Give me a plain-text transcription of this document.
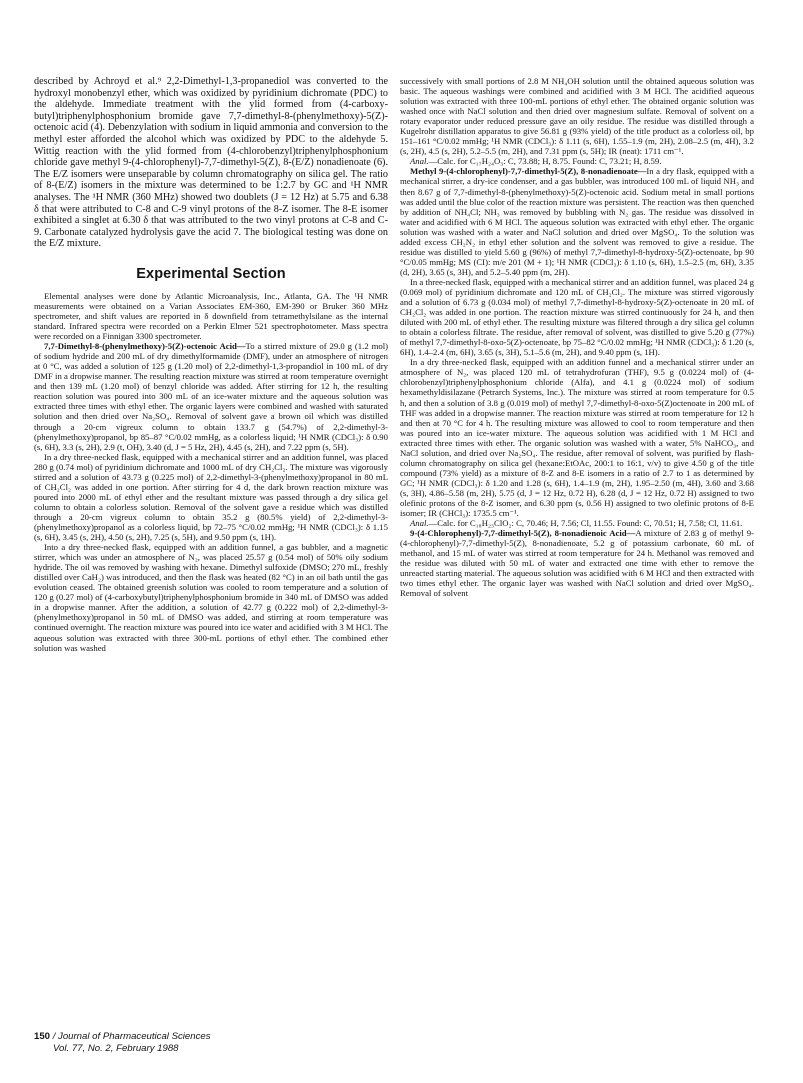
described by Achroyd et al.⁹ 2,2-Dimethyl-1,3-propanediol was converted to the hydroxyl monobenzyl ether, which was oxidized by pyridinium dichromate (PDC) to the aldehyde. Immediate treatment with the ylid formed from (4-carboxy-butyl)triphenylphosphonium bromide gave 7,7-dimethyl-8-(phenylmethoxy)-5(Z)-octenoic acid (4). Debenzylation with sodium in liquid ammonia and conversion to the methyl ester afforded the alcohol which was oxidized by PDC to the aldehyde 5. Wittig reaction with the ylid formed from (4-chlorobenzyl)triphenylphosphonium chloride gave methyl 9-(4-chlorophenyl)-7,7-dimethyl-5(Z), 8-(E/Z) nonadienoate (6). The E/Z isomers were unseparable by column chromatography on silica gel. The ratio of 8-(E/Z) isomers in the mixture was determined to be 1:2.7 by GC and ¹H NMR analyses. The ¹H NMR (360 MHz) showed two doublets (J = 12 Hz) at 5.75 and 6.38 δ that were attributed to C-8 and C-9 vinyl protons of the 8-Z isomer. The 8-E isomer exhibited a singlet at 6.30 δ that was attributed to the two vinyl protons at C-8 and C-9. Carbonate catalyzed hydrolysis gave the acid 7. The biological testing was done on the E/Z mixture.

Experimental Section

Elemental analyses were done by Atlantic Microanalysis, Inc., Atlanta, GA. The ¹H NMR measurements were obtained on a Varian Associates EM-360, EM-390 or Bruker 360 MHz spectrometer, and shift values are reported in δ downfield from tetramethylsilane as the internal standard. Infrared spectra were recorded on a Perkin Elmer 521 spectrophotometer. Mass spectra were recorded on a Finnigan 3300 spectrometer.

7,7-Dimethyl-8-(phenylmethoxy)-5(Z)-octenoic Acid—To a stirred mixture of 29.0 g (1.2 mol) of sodium hydride and 200 mL of dry dimethylformamide (DMF), under an atmosphere of nitrogen at 0 °C, was added a solution of 125 g (1.20 mol) of 2,2-dimethyl-1,3-propandiol in 100 mL of dry DMF in a dropwise manner. The resulting reaction mixture was stirred at room temperature overnight and then 139 mL (1.20 mol) of benzyl chloride was added. After stirring for 12 h, the resulting reaction solution was poured into 300 mL of an ice-water mixture and the aqueous solution was extracted three times with ethyl ether. The organic layers were combined and washed with saturated solution and then dried over Na₂SO₄. Removal of solvent gave a brown oil which was distilled through a 20-cm vigreux column to obtain 133.7 g (54.7%) of 2,2-dimethyl-3-(phenylmethoxy)propanol, bp 85–87 °C/0.02 mmHg, as a colorless liquid; ¹H NMR (CDCl₃): δ 0.90 (s, 6H), 3.3 (s, 2H), 2.9 (t, OH), 3.40 (d, J = 5 Hz, 2H), 4.45 (s, 2H), and 7.22 ppm (s, 5H).

In a dry three-necked flask, equipped with a mechanical stirrer and an addition funnel, was placed 280 g (0.74 mol) of pyridinium dichromate and 1000 mL of dry CH₂Cl₂. The mixture was vigorously stirred and a solution of 43.73 g (0.225 mol) of 2,2-dimethyl-3-(phenylmethoxy)propanol in 80 mL of CH₂Cl₂ was added in one portion. After stirring for 4 d, the dark brown reaction mixture was poured into 2000 mL of ethyl ether and the resultant mixture was passed through a dry silica gel column to obtain a colorless solution. Removal of the solvent gave a residue which was distilled through a 20-cm vigreux column to obtain 35.2 g (80.5% yield) of 2,2-dimethyl-3-(phenylmethoxy)propanol as a colorless liquid, bp 72–75 °C/0.02 mmHg; ¹H NMR (CDCl₃): δ 1.15 (s, 6H), 3.45 (s, 2H), 4.50 (s, 2H), 7.25 (s, 5H), and 9.50 ppm (s, 1H).

Into a dry three-necked flask, equipped with an addition funnel, a gas bubbler, and a magnetic stirrer, which was under an atmosphere of N₂, was placed 25.57 g (0.54 mol) of 50% oily sodium hydride. The oil was removed by washing with hexane. Dimethyl sulfoxide (DMSO; 270 mL, freshly distilled over CaH₂) was introduced, and then the flask was heated (82 °C) in an oil bath until the gas evolution ceased. The obtained greenish solution was cooled to room temperature and a solution of 120 g (0.27 mol) of (4-carboxybutyl)triphenylphosphonium bromide in 340 mL of DMSO was added in a dropwise manner. After the addition, a solution of 42.77 g (0.222 mol) of 2,2-dimethyl-3-(phenylmethoxy)propanol in 50 mL of DMSO was added, and stirring at room temperature was continued overnight. The reaction mixture was poured into ice water and acidified with 3 M HCl. The aqueous solution was extracted with three 300-mL portions of ethyl ether. The combined ether solution was washed

successively with small portions of 2.8 M NH₄OH solution until the obtained aqueous solution was basic. The aqueous washings were combined and acidified with 3 M HCl. The acidified aqueous solution was extracted with three 100-mL portions of ethyl ether. The obtained organic solution was washed once with NaCl solution and then dried over magnesium sulfate. Removal of solvent on a rotary evaporator under reduced pressure gave an oily residue. The residue was distilled through a Kugelrohr distillation apparatus to give 56.81 g (93% yield) of the title product as a colorless oil, bp 151–161 °C/0.02 mmHg; ¹H NMR (CDCl₃): δ 1.11 (s, 6H), 1.55–1.9 (m, 2H), 2.08–2.5 (m, 4H), 3.2 (s, 2H), 4.5 (s, 2H), 5.2–5.5 (m, 2H), and 7.31 ppm (s, 5H); IR (neat): 1711 cm⁻¹.

Anal.—Calc. for C₁₇H₂₄O₃: C, 73.88; H, 8.75. Found: C, 73.21; H, 8.59.

Methyl 9-(4-chlorophenyl)-7,7-dimethyl-5(Z), 8-nonadienoate—In a dry flask, equipped with a mechanical stirrer, a dry-ice condenser, and a gas bubbler, was introduced 100 mL of liquid NH₃ and then 8.67 g of 7,7-dimethyl-8-(phenylmethoxy)-5(Z)-octenoic acid. Sodium metal in small portions was added until the blue color of the reaction mixture was persistent. The reaction was then quenched by addition of NH₄Cl; NH₃ was removed by bubbling with N₂ gas. The residue was dissolved in water and acidified with 6 M HCl. The aqueous solution was extracted with ethyl ether. The organic solution was washed with a water and NaCl solution and dried over MgSO₄. To the solution was added excess CH₂N₂ in ethyl ether solution and the solvent was removed to give a residue. The residue was distilled to yield 5.60 g (96%) of methyl 7,7-dimethyl-8-hydroxy-5(Z)-octenoate, bp 90 °C/0.05 mmHg; MS (CI): m/e 201 (M + 1); ¹H NMR (CDCl₃): δ 1.10 (s, 6H), 1.5–2.5 (m, 6H), 3.35 (d, 2H), 3.65 (s, 3H), and 5.2–5.40 ppm (m, 2H).

In a three-necked flask, equipped with a mechanical stirrer and an addition funnel, was placed 24 g (0.069 mol) of pyridinium dichromate and 120 mL of CH₂Cl₂. The mixture was stirred vigorously and a solution of 6.73 g (0.034 mol) of methyl 7,7-dimethyl-8-hydroxy-5(Z)-octenoate in 20 mL of CH₂Cl₂ was added in one portion. The reaction mixture was stirred continuously for 24 h, and then diluted with 200 mL of ethyl ether. The resulting mixture was filtered through a dry silica gel column to obtain a colorless filtrate. The residue, after removal of solvent, was distilled to give 5.20 g (77%) of methyl 7,7-dimethyl-8-oxo-5(Z)-octenoate, bp 75–82 °C/0.02 mmHg; ¹H NMR (CDCl₃): δ 1.20 (s, 6H), 1.4–2.4 (m, 6H), 3.65 (s, 3H), 5.1–5.6 (m, 2H), and 9.40 ppm (s, 1H).

In a dry three-necked flask, equipped with an addition funnel and a mechanical stirrer under an atmosphere of N₂, was placed 120 mL of tetrahydrofuran (THF), 9.5 g (0.0224 mol) of (4-chlorobenzyl)triphenylphosphonium chloride (Alfa), and 4.1 g (0.0224 mol) of sodium hexamethyldisilazane (Petrarch Systems, Inc.). The mixture was stirred at room temperature for 0.5 h, and then a solution of 3.8 g (0.019 mol) of methyl 7,7-dimethyl-8-oxo-5(Z)octenoate in 200 mL of THF was added in a dropwise manner. The reaction mixture was stirred at room temperature for 12 h and then at 70 °C for 4 h. The resulting mixture was allowed to cool to room temperature and then was poured into an ice-water mixture. The aqueous solution was acidified with 1 M HCl and extracted three times with ether. The organic solution was washed with a water, 5% NaHCO₃, and NaCl solution, and dried over Na₂SO₄. The residue, after removal of solvent, was purified by flash-column chromatography on silica gel (hexane:EtOAc, 200:1 to 16:1, v/v) to give 4.50 g of the title compound (73% yield) as a mixture of 8-Z and 8-E isomers in a ratio of 2.7 to 1 as determined by GC; ¹H NMR (CDCl₃): δ 1.20 and 1.28 (s, 6H), 1.4–1.9 (m, 2H), 1.95–2.50 (m, 4H), 3.60 and 3.68 (s, 3H), 4.86–5.58 (m, 2H), 5.75 (d, J = 12 Hz, 0.72 H), 6.28 (d, J = 12 Hz, 0.72 H) assigned to two olefinic protons of the 8-Z isomer, and 6.30 ppm (s, 0.56 H) assigned to two olefinic protons of 8-E isomer; IR (CHCl₃): 1735.5 cm⁻¹.

Anal.—Calc. for C₁₈H₂₃ClO₂: C, 70.46; H, 7.56; Cl, 11.55. Found: C, 70.51; H, 7.58; Cl, 11.61.

9-(4-Chlorophenyl)-7,7-dimethyl-5(Z), 8-nonadienoic Acid—A mixture of 2.83 g of methyl 9-(4-chlorophenyl)-7,7-dimethyl-5(Z), 8-nonadienoate, 5.2 g of potassium carbonate, 60 mL of methanol, and 15 mL of water was stirred at room temperature for 24 h. Methanol was removed and the residue was diluted with 50 mL of water and extracted one time with ether to remove the unreacted starting material. The aqueous solution was acidified with 6 M HCl and then extracted with two times ethyl ether. The organic layer was washed with NaCl solution and dried over MgSO₄. Removal of solvent

150 / Journal of Pharmaceutical Sciences
Vol. 77, No. 2, February 1988
